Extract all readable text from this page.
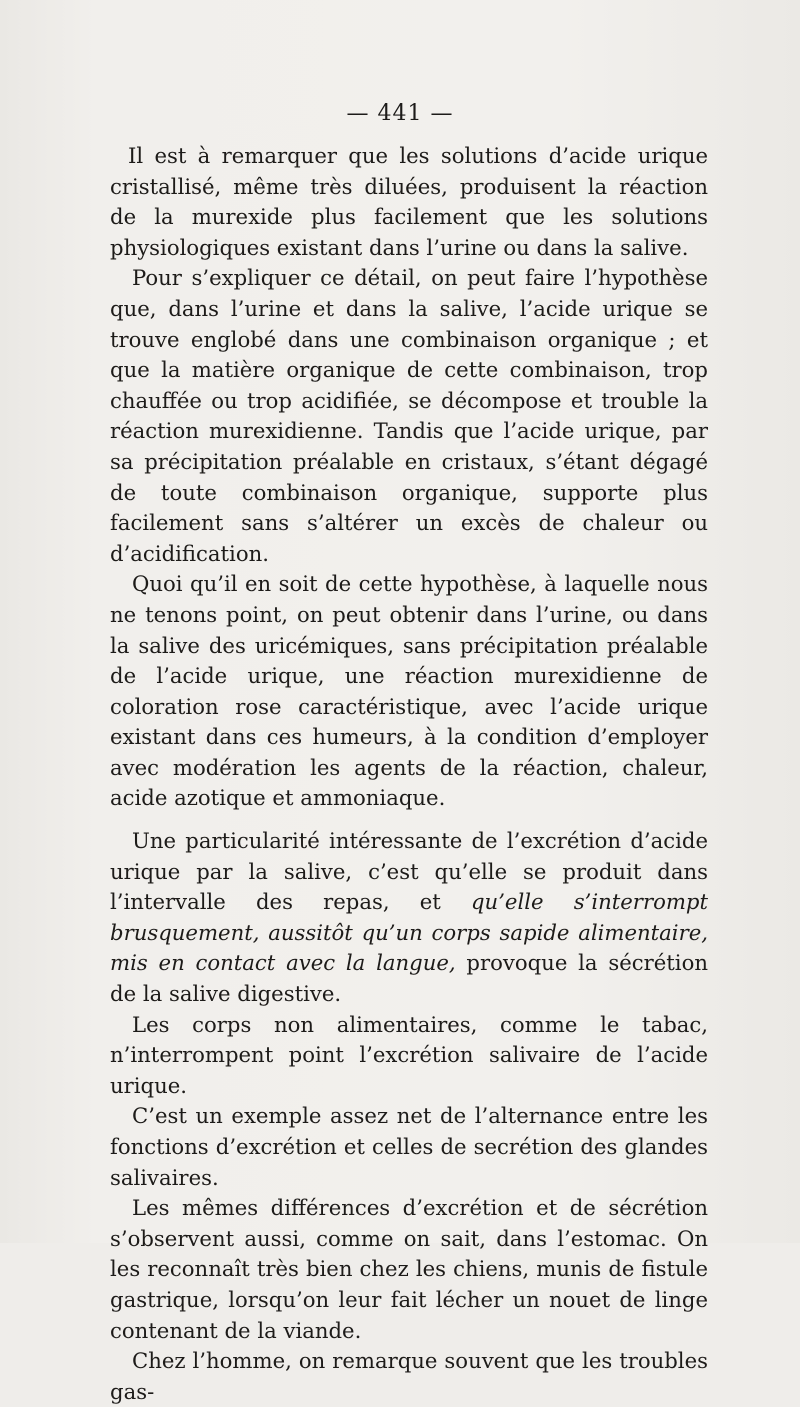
— 441 —

Il est à remarquer que les solutions d’acide urique cristallisé, même très diluées, produisent la réaction de la murexide plus facilement que les solutions physiologiques existant dans l’urine ou dans la salive.

Pour s’expliquer ce détail, on peut faire l’hypothèse que, dans l’urine et dans la salive, l’acide urique se trouve englobé dans une combinaison organique ; et que la matière organique de cette combinaison, trop chauffée ou trop acidifiée, se décompose et trouble la réaction murexidienne. Tandis que l’acide urique, par sa précipitation préalable en cristaux, s’étant dégagé de toute combinaison organique, supporte plus facilement sans s’altérer un excès de chaleur ou d’acidification.

Quoi qu’il en soit de cette hypothèse, à laquelle nous ne tenons point, on peut obtenir dans l’urine, ou dans la salive des uricémiques, sans précipitation préalable de l’acide urique, une réaction murexidienne de coloration rose caractéristique, avec l’acide urique existant dans ces humeurs, à la condition d’employer avec modération les agents de la réaction, chaleur, acide azotique et ammoniaque.

Une particularité intéressante de l’excrétion d’acide urique par la salive, c’est qu’elle se produit dans l’intervalle des repas, et qu’elle s’interrompt brusquement, aussitôt qu’un corps sapide alimentaire, mis en contact avec la langue, provoque la sécrétion de la salive digestive.

Les corps non alimentaires, comme le tabac, n’interrompent point l’excrétion salivaire de l’acide urique.

C’est un exemple assez net de l’alternance entre les fonctions d’excrétion et celles de secrétion des glandes salivaires.

Les mêmes différences d’excrétion et de sécrétion s’observent aussi, comme on sait, dans l’estomac. On les reconnaît très bien chez les chiens, munis de fistule gastrique, lorsqu’on leur fait lécher un nouet de linge contenant de la viande.

Chez l’homme, on remarque souvent que les troubles gas-
